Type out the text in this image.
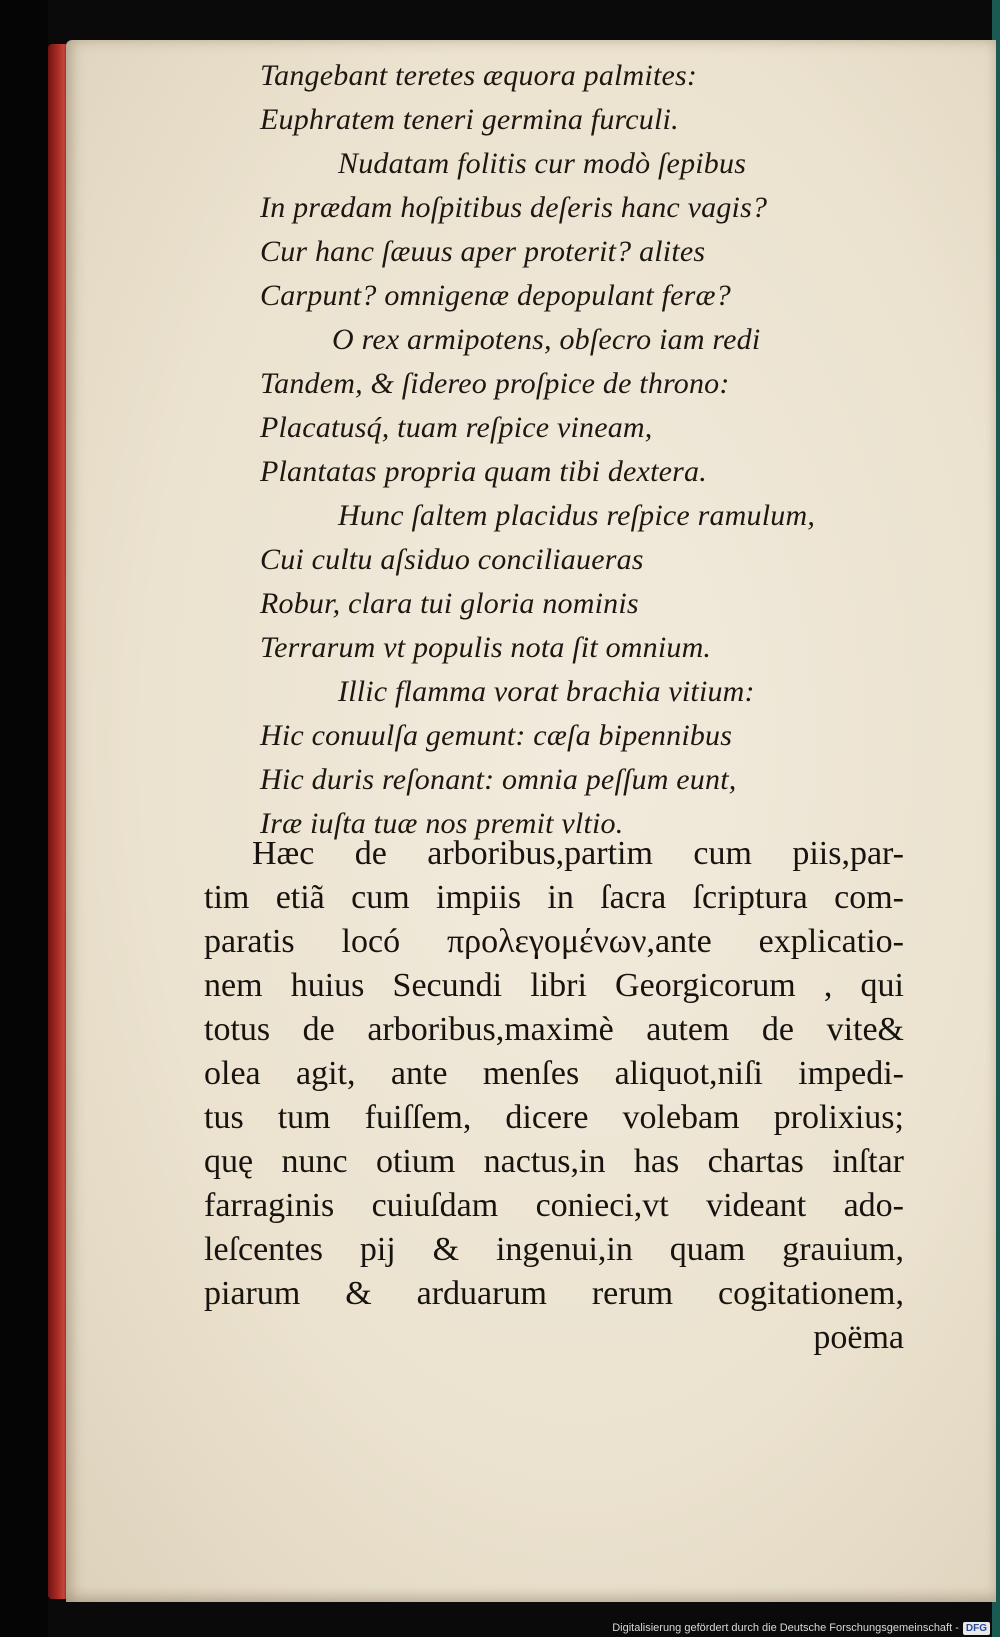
Tangebant teretes æquora palmites:
Euphratem teneri germina furculi.
Nudatam folitis cur modò ſepibus
In prædam hoſpitibus deſeris hanc vagis?
Cur hanc ſæuus aper proterit? alites
Carpunt? omnigenæ depopulant feræ?
O rex armipotens, obſecro iam redi
Tandem, & ſidereo proſpice de throno:
Placatusq́, tuam reſpice vineam,
Plantatas propria quam tibi dextera.
Hunc ſaltem placidus reſpice ramulum,
Cui cultu aſsiduo conciliaueras
Robur, clara tui gloria nominis
Terrarum vt populis nota ſit omnium.
Illic flamma vorat brachia vitium:
Hic conuulſa gemunt: cæſa bipennibus
Hic duris reſonant: omnia peſſum eunt,
Iræ iuſta tuæ nos premit vltio.
Hæc de arboribus,partim cum piis,par-
tim etiã cum impiis in ſacra ſcriptura com-
paratis locó προλεγομένων,ante explicatio-
nem huius Secundi libri Georgicorum , qui
totus de arboribus,maximè autem de vite&
olea agit, ante menſes aliquot,niſi impedi-
tus tum fuiſſem, dicere volebam prolixius;
quę nunc otium nactus,in has chartas inſtar
farraginis cuiuſdam conieci,vt videant ado-
leſcentes pij & ingenui,in quam grauium,
piarum & arduarum rerum cogitationem,
poëma
Digitalisierung gefördert durch die Deutsche Forschungsgemeinschaft - DFG
